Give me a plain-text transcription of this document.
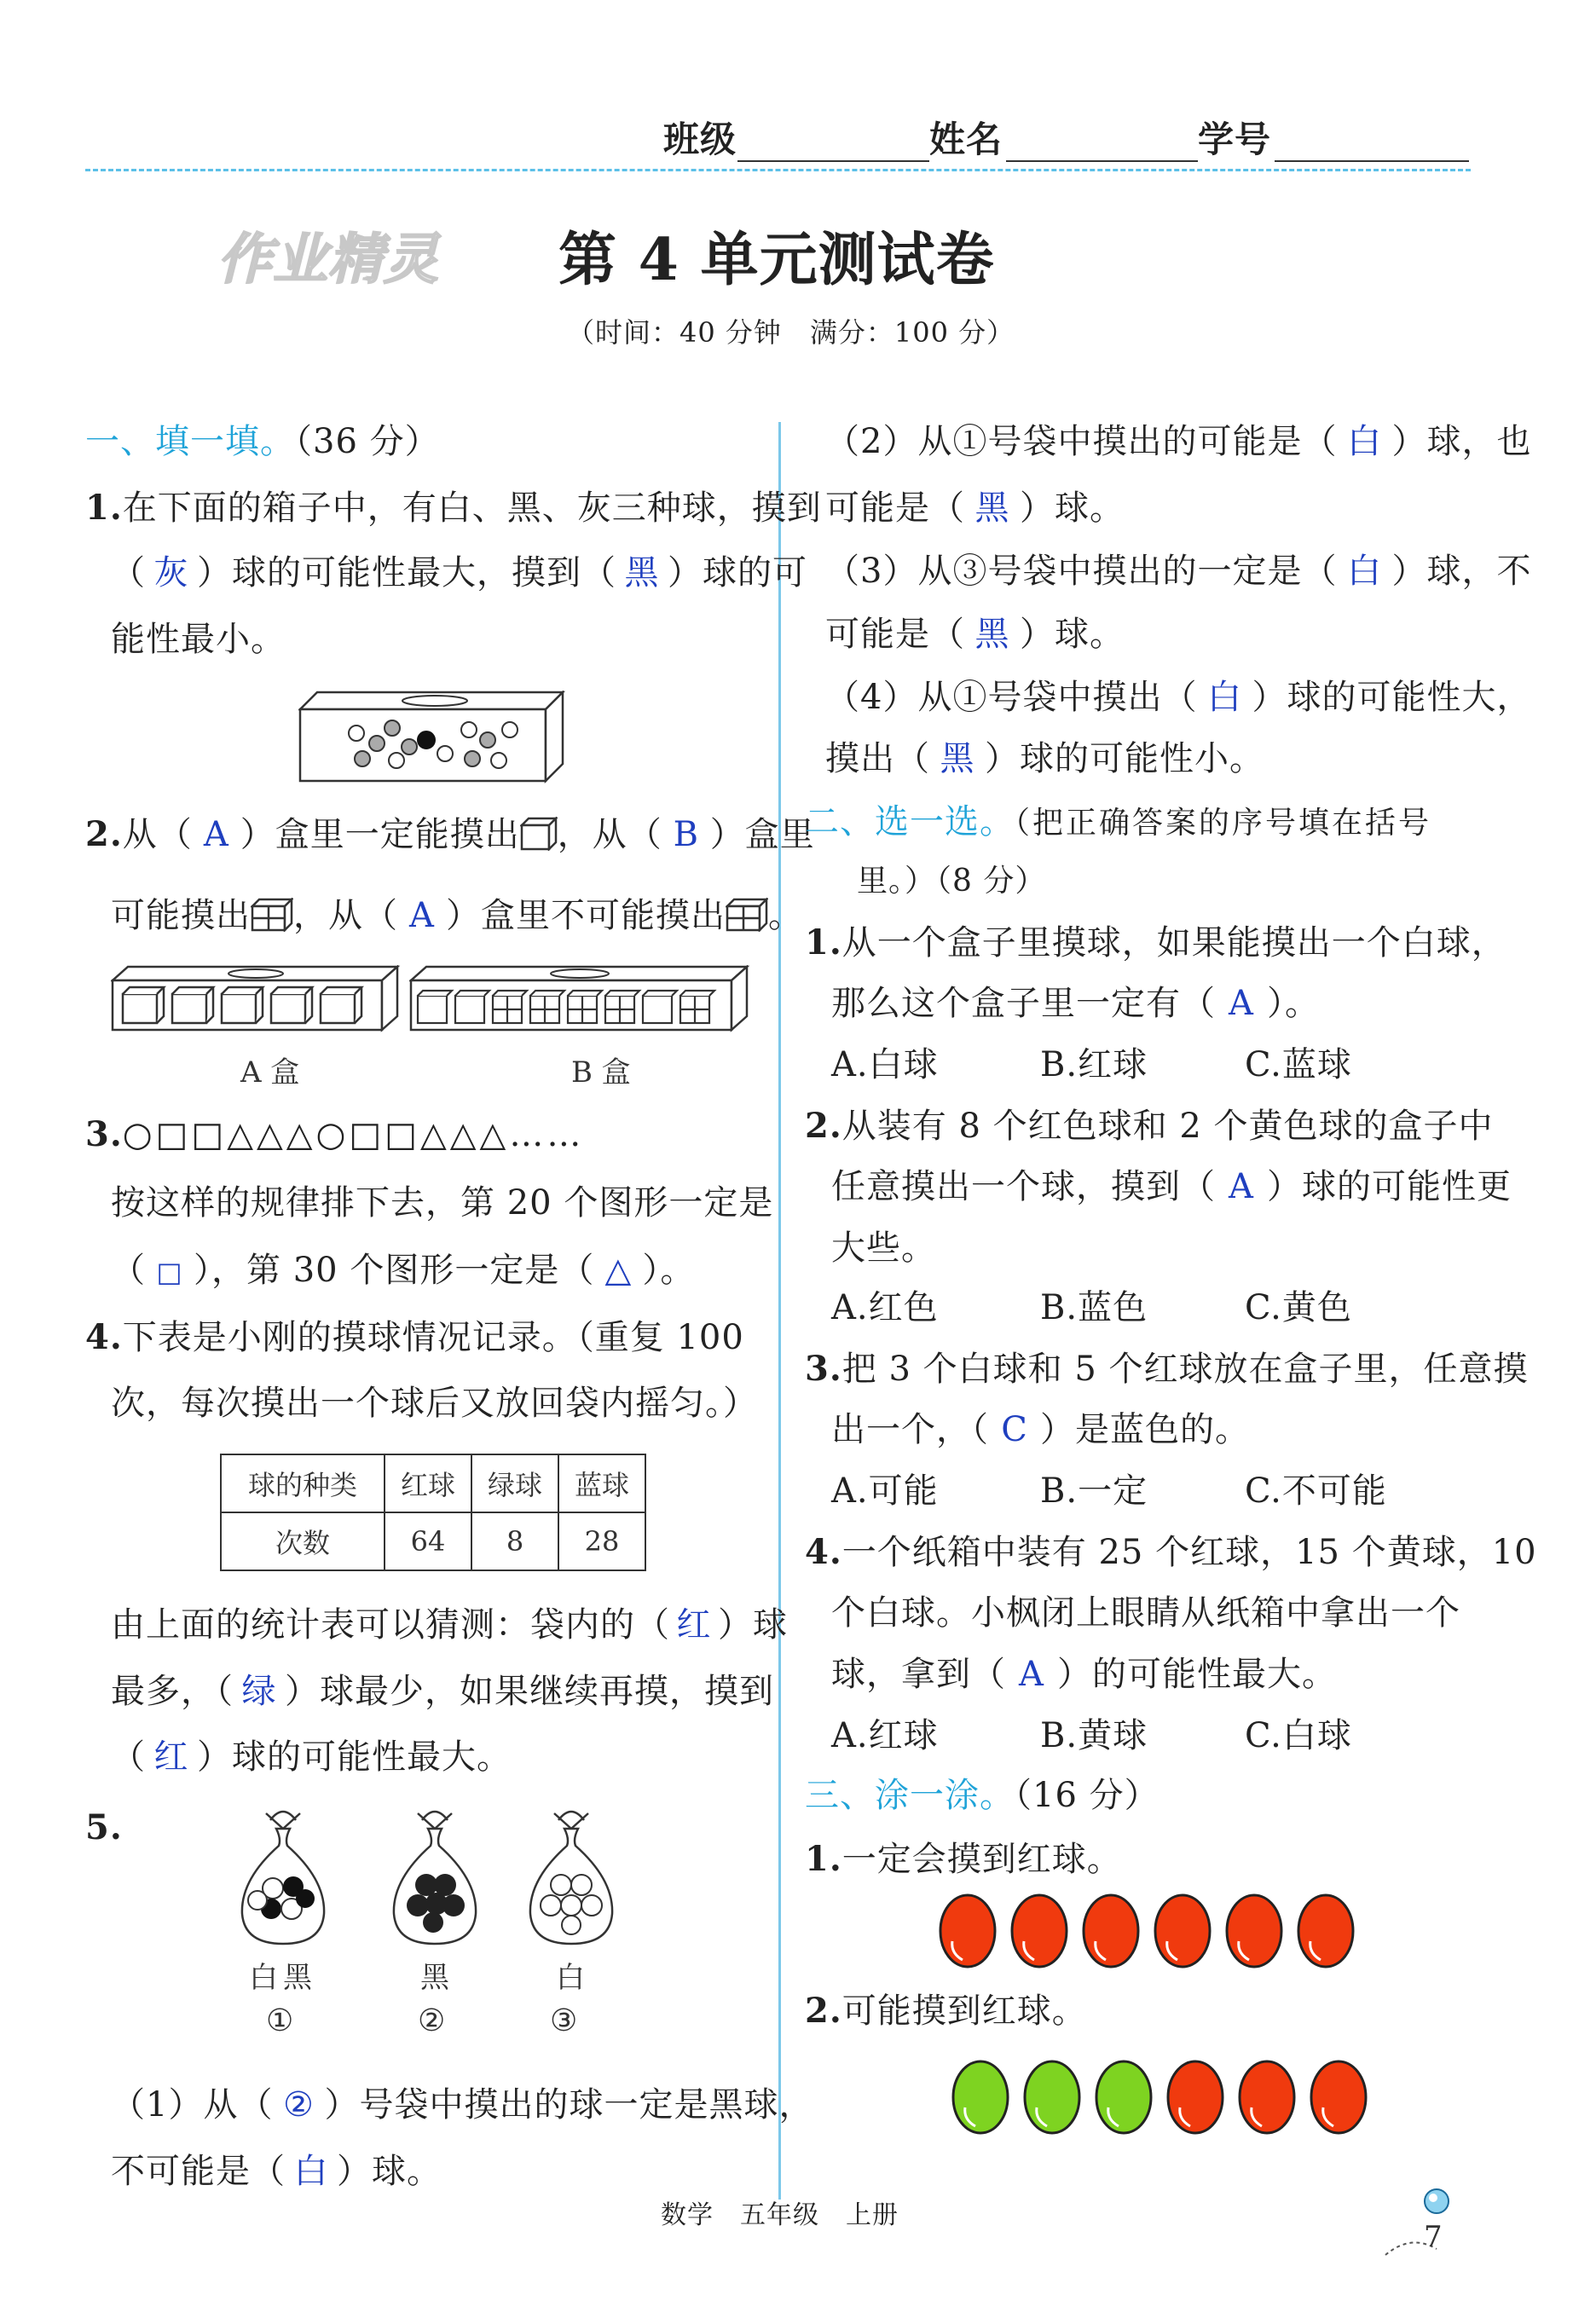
班级	姓名	学号
作业精灵 第 4 单元测试卷
（时间：40 分钟　满分：100 分）
一、填一填。（36 分）
1.在下面的箱子中，有白、黑、灰三种球，摸到
（ 灰 ）球的可能性最大，摸到（ 黑 ）球的可
能性最小。
2.从（ A ）盒里一定能摸出 ，从（ B ）盒里
可能摸出 ，从（ A ）盒里不可能摸出 。
A 盒	B 盒
3.○□□△△△○□□△△△……
按这样的规律排下去，第 20 个图形一定是
（ □ ），第 30 个图形一定是（ △ ）。
4.下表是小刚的摸球情况记录。（重复 100
次，每次摸出一个球后又放回袋内摇匀。）
球的种类	红球	绿球	蓝球
次数	64	8	28
由上面的统计表可以猜测：袋内的（ 红 ）球
最多，（ 绿 ）球最少，如果继续再摸，摸到
（ 红 ）球的可能性最大。
5.
白黑	黑	白
①	②	③
（1）从（ ② ）号袋中摸出的球一定是黑球，
不可能是（ 白 ）球。
（2）从①号袋中摸出的可能是（ 白 ）球，也
可能是（ 黑 ）球。
（3）从③号袋中摸出的一定是（ 白 ）球，不
可能是（ 黑 ）球。
（4）从①号袋中摸出（ 白 ）球的可能性大，
摸出（ 黑 ）球的可能性小。
二、选一选。（把正确答案的序号填在括号
里。）（8 分）
1.从一个盒子里摸球，如果能摸出一个白球，
那么这个盒子里一定有（ A ）。
A.白球	B.红球	C.蓝球
2.从装有 8 个红色球和 2 个黄色球的盒子中
任意摸出一个球，摸到（ A ）球的可能性更
大些。
A.红色	B.蓝色	C.黄色
3.把 3 个白球和 5 个红球放在盒子里，任意摸
出一个，（ C ）是蓝色的。
A.可能	B.一定	C.不可能
4.一个纸箱中装有 25 个红球，15 个黄球，10
个白球。小枫闭上眼睛从纸箱中拿出一个
球，拿到（ A ）的可能性最大。
A.红球	B.黄球	C.白球
三、涂一涂。（16 分）
1.一定会摸到红球。
2.可能摸到红球。
数学　五年级　上册
7
